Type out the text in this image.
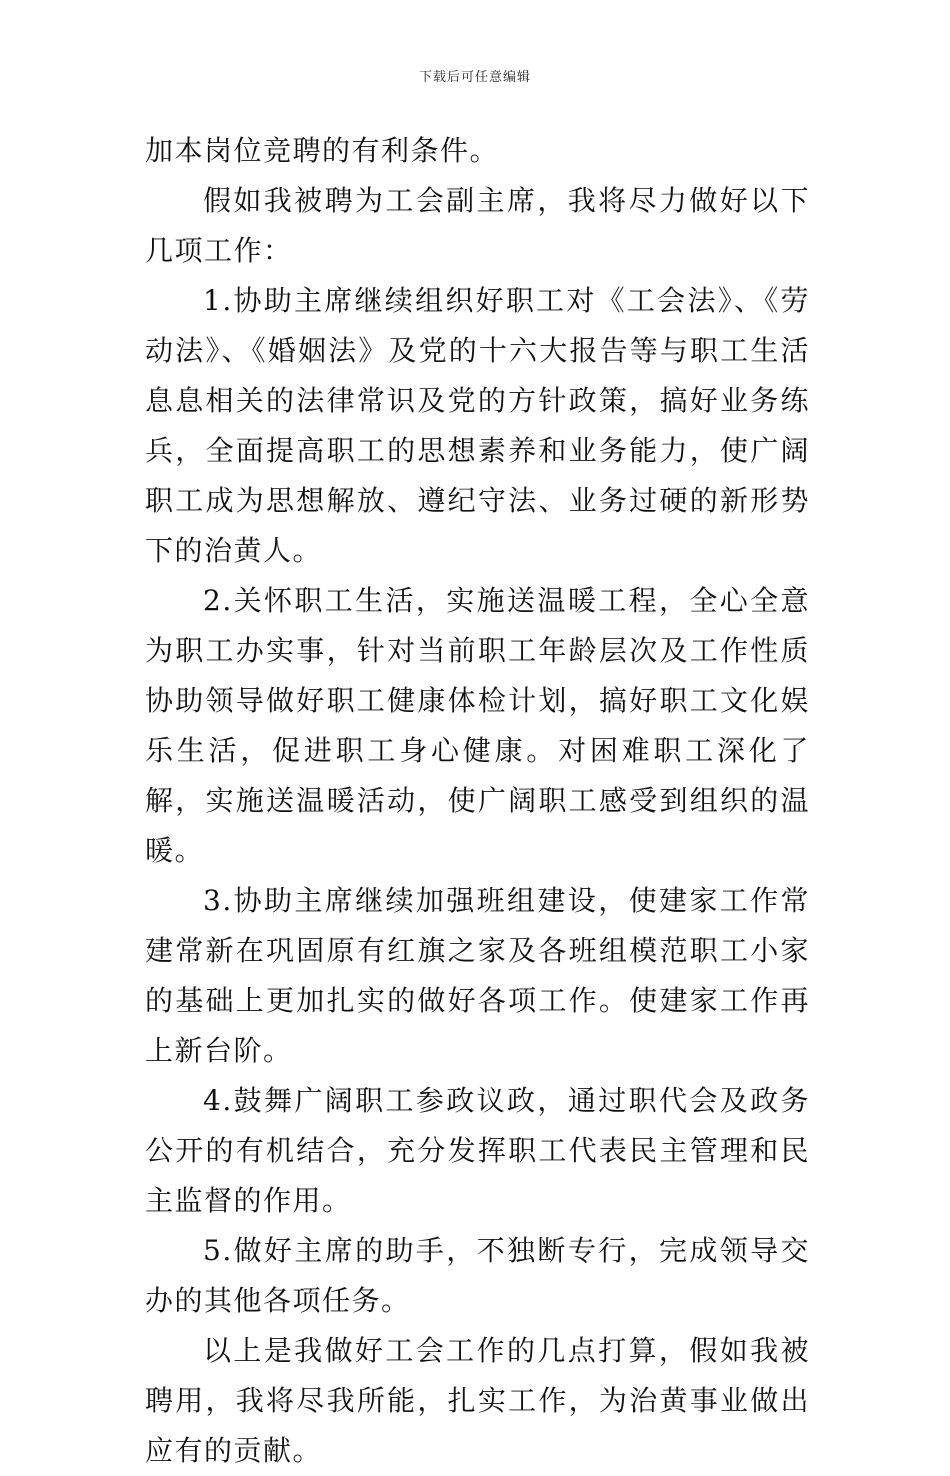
下载后可任意编辑

加本岗位竞聘的有利条件。

假如我被聘为工会副主席，我将尽力做好以下几项工作：

1.协助主席继续组织好职工对《工会法》、《劳动法》、《婚姻法》及党的十六大报告等与职工生活息息相关的法律常识及党的方针政策，搞好业务练兵，全面提高职工的思想素养和业务能力，使广阔职工成为思想解放、遵纪守法、业务过硬的新形势下的治黄人。

2.关怀职工生活，实施送温暖工程，全心全意为职工办实事，针对当前职工年龄层次及工作性质协助领导做好职工健康体检计划，搞好职工文化娱乐生活，促进职工身心健康。对困难职工深化了解，实施送温暖活动，使广阔职工感受到组织的温暖。

3.协助主席继续加强班组建设，使建家工作常建常新在巩固原有红旗之家及各班组模范职工小家的基础上更加扎实的做好各项工作。使建家工作再上新台阶。

4.鼓舞广阔职工参政议政，通过职代会及政务公开的有机结合，充分发挥职工代表民主管理和民主监督的作用。

5.做好主席的助手，不独断专行，完成领导交办的其他各项任务。

以上是我做好工会工作的几点打算，假如我被聘用，我将尽我所能，扎实工作，为治黄事业做出应有的贡献。
